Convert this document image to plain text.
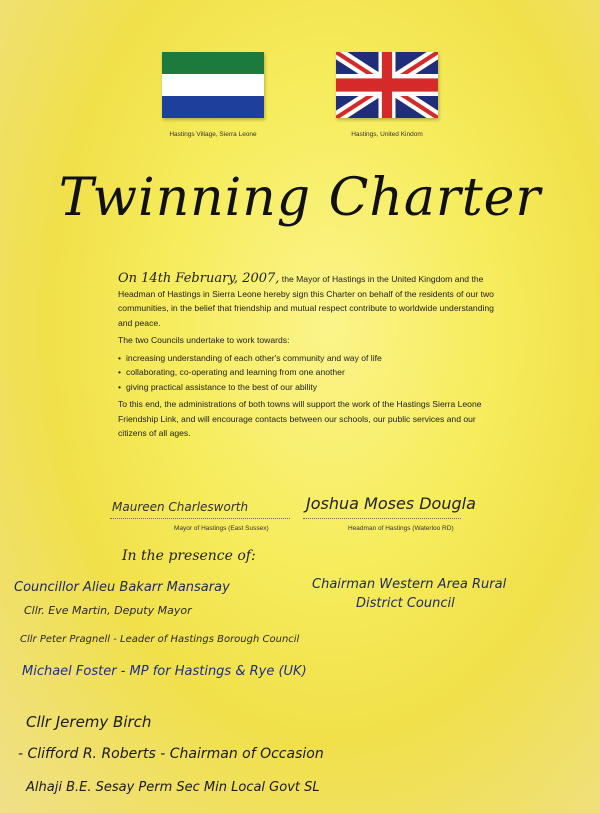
Hastings Village, Sierra Leone	Hastings, United Kindom
Twinning Charter

On 14th February, 2007, the Mayor of Hastings in the United Kingdom and the Headman of Hastings in Sierra Leone hereby sign this Charter on behalf of the residents of our two communities, in the belief that friendship and mutual respect contribute to worldwide understanding and peace.

The two Councils undertake to work towards:

• increasing understanding of each other's community and way of life
• collaborating, co-operating and learning from one another
• giving practical assistance to the best of our ability

To this end, the administrations of both towns will support the work of the Hastings Sierra Leone Friendship Link, and will encourage contacts between our schools, our public services and our citizens of all ages.

Maureen Charlesworth	Joshua Moses Dougla
Mayor of Hastings (East Sussex)	Headman of Hastings (Waterloo RD)
In the presence of:
Councillor Alieu Bakarr Mansaray	Chairman Western Area Rural
District Council
Cllr. Eve Martin, Deputy Mayor
Cllr Peter Pragnell - Leader of Hastings Borough Council
Michael Foster - MP for Hastings & Rye (UK)
Cllr Jeremy Birch
- Clifford R. Roberts - Chairman of Occasion
Alhaji B.E. Sesay Perm Sec Min Local Govt SL
